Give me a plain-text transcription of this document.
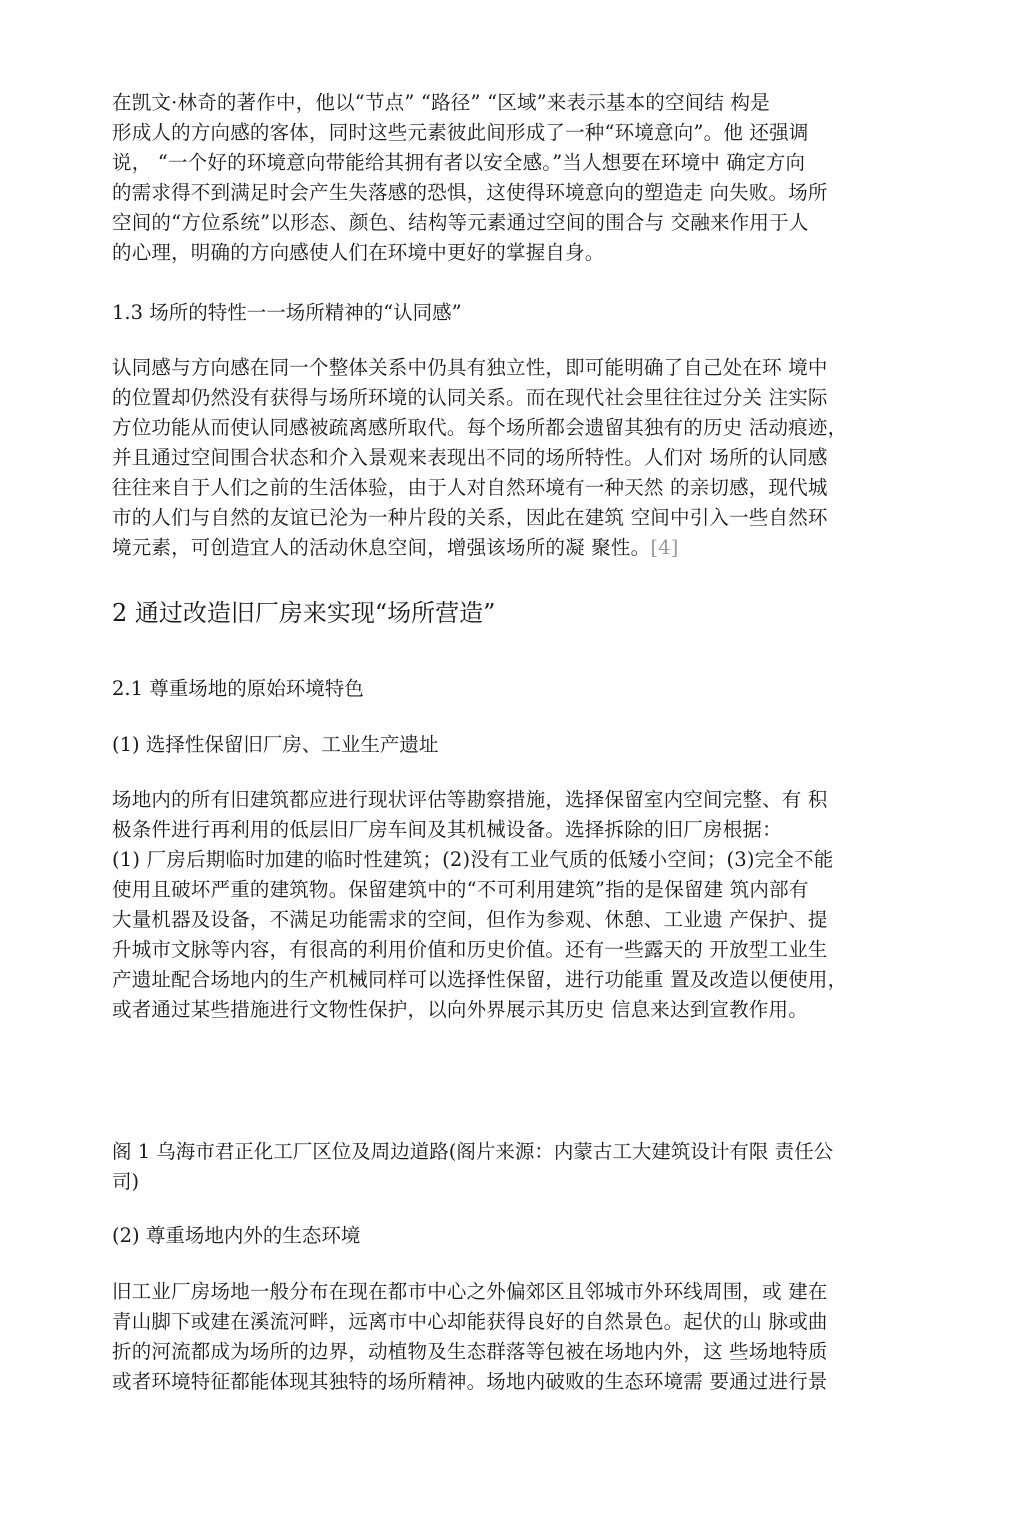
在凯文·林奇的著作中，他以“节点” “路径” “区域”来表示基本的空间结 构是
形成人的方向感的客体，同时这些元素彼此间形成了一种“环境意向”。他 还强调
说， “一个好的环境意向带能给其拥有者以安全感。”当人想要在环境中 确定方向
的需求得不到满足时会产生失落感的恐惧，这使得环境意向的塑造走 向失败。场所
空间的“方位系统”以形态、颜色、结构等元素通过空间的围合与 交融来作用于人
的心理，明确的方向感使人们在环境中更好的掌握自身。
1.3 场所的特性一一场所精神的“认同感”
认同感与方向感在同一个整体关系中仍具有独立性，即可能明确了自己处在环 境中
的位置却仍然没有获得与场所环境的认同关系。而在现代社会里往往过分关 注实际
方位功能从而使认同感被疏离感所取代。每个场所都会遗留其独有的历史 活动痕迹，
并且通过空间围合状态和介入景观来表现出不同的场所特性。人们对 场所的认同感
往往来自于人们之前的生活体验，由于人对自然环境有一种天然 的亲切感，现代城
市的人们与自然的友谊已沦为一种片段的关系，因此在建筑 空间中引入一些自然环
境元素，可创造宜人的活动休息空间，增强该场所的凝 聚性。[4]
2 通过改造旧厂房来实现“场所营造”
2.1 尊重场地的原始环境特色
(1) 选择性保留旧厂房、工业生产遗址
场地内的所有旧建筑都应进行现状评估等勘察措施，选择保留室内空间完整、有 积
极条件进行再利用的低层旧厂房车间及其机械设备。选择拆除的旧厂房根据：
(1) 厂房后期临时加建的临时性建筑；(2)没有工业气质的低矮小空间；(3)完全不能
使用且破坏严重的建筑物。保留建筑中的“不可利用建筑”指的是保留建 筑内部有
大量机器及设备，不满足功能需求的空间，但作为参观、休憩、工业遗 产保护、提
升城市文脉等内容，有很高的利用价值和历史价值。还有一些露天的 开放型工业生
产遗址配合场地内的生产机械同样可以选择性保留，进行功能重 置及改造以便使用，
或者通过某些措施进行文物性保护，以向外界展示其历史 信息来达到宣教作用。
阁 1 乌海市君正化工厂区位及周边道路(阁片来源：内蒙古工大建筑设计有限 责任公
司)
(2) 尊重场地内外的生态环境
旧工业厂房场地一般分布在现在都市中心之外偏郊区且邻城市外环线周围，或 建在
青山脚下或建在溪流河畔，远离市中心却能获得良好的自然景色。起伏的山 脉或曲
折的河流都成为场所的边界，动植物及生态群落等包被在场地内外，这 些场地特质
或者环境特征都能体现其独特的场所精神。场地内破败的生态环境需 要通过进行景
